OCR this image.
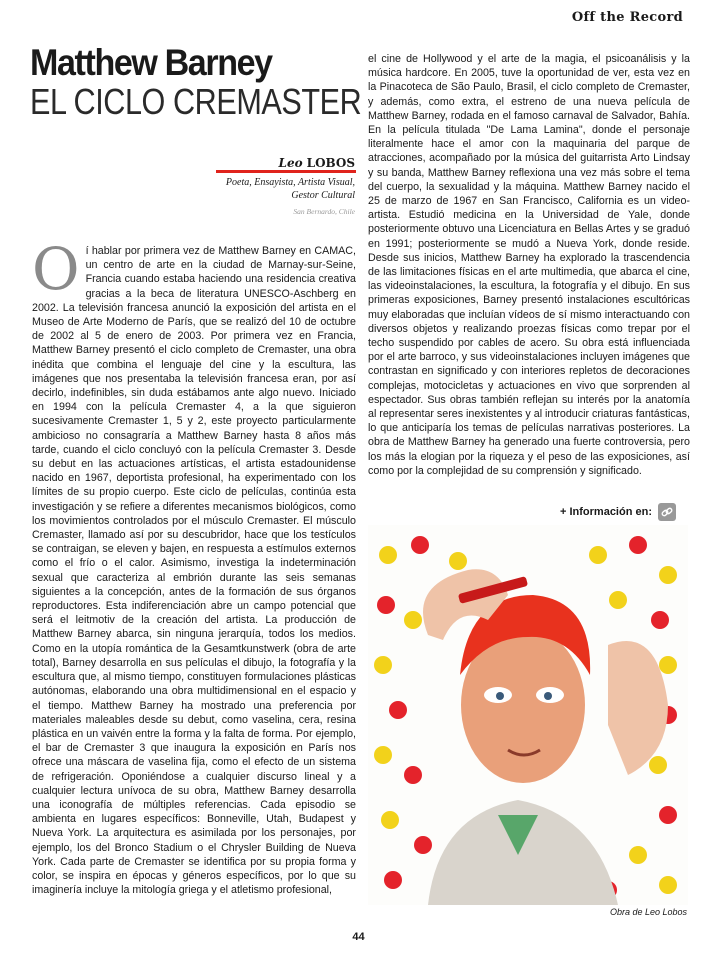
Off the Record
Matthew Barney
EL CICLO CREMASTER
Leo LOBOS
Poeta, Ensayista, Artista Visual,
Gestor Cultural
San Bernardo, Chile
O í hablar por primera vez de Matthew Barney en CAMAC, un centro de arte en la ciudad de Marnay-sur-Seine, Francia cuando estaba haciendo una residencia creativa gracias a la beca de literatura UNESCO-Aschberg en 2002. La televisión francesa anunció la exposición del artista en el Museo de Arte Moderno de París, que se realizó del 10 de octubre de 2002 al 5 de enero de 2003. Por primera vez en Francia, Matthew Barney presentó el ciclo completo de Cremaster, una obra inédita que combina el lenguaje del cine y la escultura, las imágenes que nos presentaba la televisión francesa eran, por así decirlo, indefinibles, sin duda estábamos ante algo nuevo. Iniciado en 1994 con la película Cremaster 4, a la que siguieron sucesivamente Cremaster 1, 5 y 2, este proyecto particularmente ambicioso no consagraría a Matthew Barney hasta 8 años más tarde, cuando el ciclo concluyó con la película Cremaster 3. Desde su debut en las actuaciones artísticas, el artista estadounidense nacido en 1967, deportista profesional, ha experimentado con los límites de su propio cuerpo. Este ciclo de películas, continúa esta investigación y se refiere a diferentes mecanismos biológicos, como los movimientos controlados por el músculo Cremaster. El músculo Cremaster, llamado así por su descubridor, hace que los testículos se contraigan, se eleven y bajen, en respuesta a estímulos externos como el frío o el calor. Asimismo, investiga la indeterminación sexual que caracteriza al embrión durante las seis semanas siguientes a la concepción, antes de la formación de sus órganos reproductores. Esta indiferenciación abre un campo potencial que será el leitmotiv de la creación del artista. La producción de Matthew Barney abarca, sin ninguna jerarquía, todos los medios. Como en la utopía romántica de la Gesamtkunstwerk (obra de arte total), Barney desarrolla en sus películas el dibujo, la fotografía y la escultura que, al mismo tiempo, constituyen formulaciones plásticas autónomas, elaborando una obra multidimensional en el espacio y el tiempo. Matthew Barney ha mostrado una preferencia por materiales maleables desde su debut, como vaselina, cera, resina plástica en un vaivén entre la forma y la falta de forma. Por ejemplo, el bar de Cremaster 3 que inaugura la exposición en París nos ofrece una máscara de vaselina fija, como el efecto de un sistema de refrigeración. Oponiéndose a cualquier discurso lineal y a cualquier lectura unívoca de su obra, Matthew Barney desarrolla una iconografía de múltiples referencias. Cada episodio se ambienta en lugares específicos: Bonneville, Utah, Budapest y Nueva York. La arquitectura es asimilada por los personajes, por ejemplo, los del Bronco Stadium o el Chrysler Building de Nueva York. Cada parte de Cremaster se identifica por su propia forma y color, se inspira en épocas y géneros específicos, por lo que su imaginería incluye la mitología griega y el atletismo profesional,
el cine de Hollywood y el arte de la magia, el psicoanálisis y la música hardcore. En 2005, tuve la oportunidad de ver, esta vez en la Pinacoteca de São Paulo, Brasil, el ciclo completo de Cremaster, y además, como extra, el estreno de una nueva película de Matthew Barney, rodada en el famoso carnaval de Salvador, Bahía. En la película titulada "De Lama Lamina", donde el personaje literalmente hace el amor con la maquinaria del parque de atracciones, acompañado por la música del guitarrista Arto Lindsay y su banda, Matthew Barney reflexiona una vez más sobre el tema del cuerpo, la sexualidad y la máquina. Matthew Barney nacido el 25 de marzo de 1967 en San Francisco, California es un video-artista. Estudió medicina en la Universidad de Yale, donde posteriormente obtuvo una Licenciatura en Bellas Artes y se graduó en 1991; posteriormente se mudó a Nueva York, donde reside. Desde sus inicios, Matthew Barney ha explorado la trascendencia de las limitaciones físicas en el arte multimedia, que abarca el cine, las videoinstalaciones, la escultura, la fotografía y el dibujo. En sus primeras exposiciones, Barney presentó instalaciones escultóricas muy elaboradas que incluían vídeos de sí mismo interactuando con diversos objetos y realizando proezas físicas como trepar por el techo suspendido por cables de acero. Su obra está influenciada por el arte barroco, y sus videoinstalaciones incluyen imágenes que contrastan en significado y con interiores repletos de decoraciones complejas, motocicletas y actuaciones en vivo que sorprenden al espectador. Sus obras también reflejan su interés por la anatomía al representar seres inexistentes y al introducir criaturas fantásticas, lo que anticiparía los temas de películas narrativas posteriores. La obra de Matthew Barney ha generado una fuerte controversia, pero los más la elogian por la riqueza y el peso de las exposiciones, así como por la complejidad de su comprensión y significado.
+ Información en:
Obra de Leo Lobos
44
